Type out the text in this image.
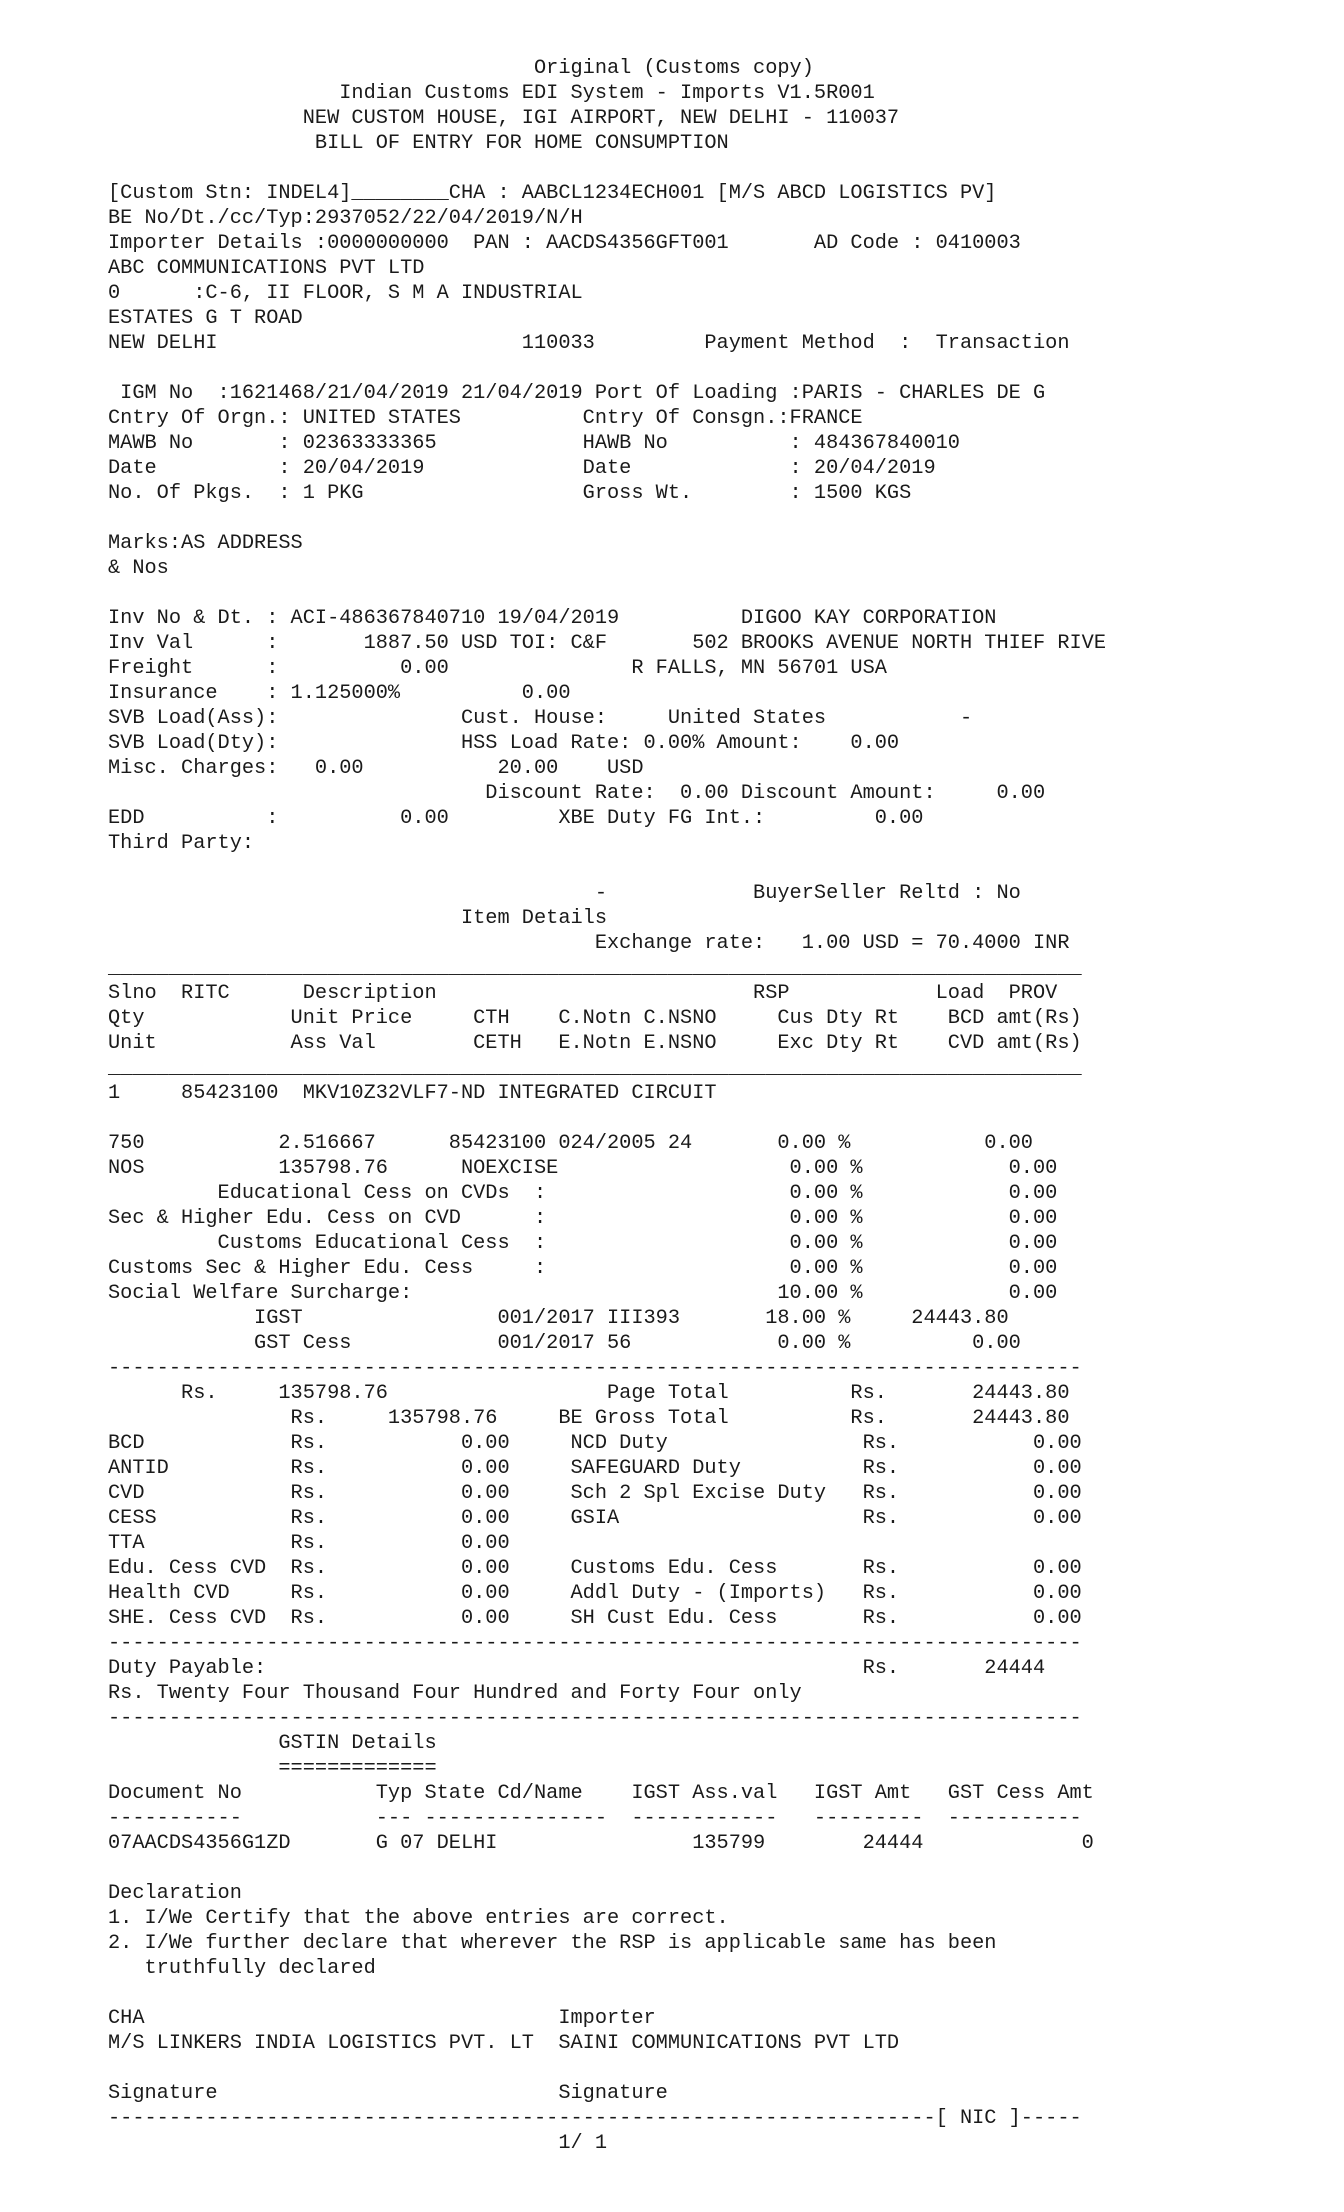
Original (Customs copy)
Indian Customs EDI System - Imports V1.5R001
NEW CUSTOM HOUSE, IGI AIRPORT, NEW DELHI - 110037
BILL OF ENTRY FOR HOME CONSUMPTION
[Custom Stn: INDEL4]________CHA : AABCL1234ECH001 [M/S ABCD LOGISTICS PV]
BE No/Dt./cc/Typ:2937052/22/04/2019/N/H
Importer Details :0000000000  PAN : AACDS4356GFT001       AD Code : 0410003
ABC COMMUNICATIONS PVT LTD
0      :C-6, II FLOOR, S M A INDUSTRIAL
ESTATES G T ROAD
NEW DELHI                         110033         Payment Method  :  Transaction
IGM No  :1621468/21/04/2019 21/04/2019 Port Of Loading :PARIS - CHARLES DE G
Cntry Of Orgn.: UNITED STATES          Cntry Of Consgn.:FRANCE
MAWB No       : 02363333365            HAWB No          : 484367840010
Date          : 20/04/2019             Date             : 20/04/2019
No. Of Pkgs.  : 1 PKG                  Gross Wt.        : 1500 KGS
Marks:AS ADDRESS
& Nos
Inv No & Dt. : ACI-486367840710 19/04/2019          DIGOO KAY CORPORATION
Inv Val      :       1887.50 USD TOI: C&F       502 BROOKS AVENUE NORTH THIEF RIVE
Freight      :          0.00               R FALLS, MN 56701 USA
Insurance    : 1.125000%          0.00
SVB Load(Ass):               Cust. House:     United States           -
SVB Load(Dty):               HSS Load Rate: 0.00% Amount:    0.00
Misc. Charges:   0.00           20.00    USD
Discount Rate:  0.00 Discount Amount:     0.00
EDD          :          0.00         XBE Duty FG Int.:         0.00
Third Party:
-            BuyerSeller Reltd : No
Item Details
Exchange rate:   1.00 USD = 70.4000 INR
________________________________________________________________________________
Slno  RITC      Description                          RSP            Load  PROV
Qty            Unit Price     CTH    C.Notn C.NSNO     Cus Dty Rt    BCD amt(Rs)
Unit           Ass Val        CETH   E.Notn E.NSNO     Exc Dty Rt    CVD amt(Rs)
________________________________________________________________________________
1     85423100  MKV10Z32VLF7-ND INTEGRATED CIRCUIT
750           2.516667      85423100 024/2005 24       0.00 %           0.00
NOS           135798.76      NOEXCISE                   0.00 %            0.00
Educational Cess on CVDs  :                    0.00 %            0.00
Sec & Higher Edu. Cess on CVD      :                    0.00 %            0.00
Customs Educational Cess  :                    0.00 %            0.00
Customs Sec & Higher Edu. Cess     :                    0.00 %            0.00
Social Welfare Surcharge:                              10.00 %            0.00
IGST                001/2017 III393       18.00 %     24443.80
GST Cess            001/2017 56            0.00 %          0.00
--------------------------------------------------------------------------------
Rs.     135798.76                  Page Total          Rs.       24443.80
Rs.     135798.76     BE Gross Total          Rs.       24443.80
BCD            Rs.           0.00     NCD Duty                Rs.           0.00
ANTID          Rs.           0.00     SAFEGUARD Duty          Rs.           0.00
CVD            Rs.           0.00     Sch 2 Spl Excise Duty   Rs.           0.00
CESS           Rs.           0.00     GSIA                    Rs.           0.00
TTA            Rs.           0.00
Edu. Cess CVD  Rs.           0.00     Customs Edu. Cess       Rs.           0.00
Health CVD     Rs.           0.00     Addl Duty - (Imports)   Rs.           0.00
SHE. Cess CVD  Rs.           0.00     SH Cust Edu. Cess       Rs.           0.00
--------------------------------------------------------------------------------
Duty Payable:                                                 Rs.       24444
Rs. Twenty Four Thousand Four Hundred and Forty Four only
--------------------------------------------------------------------------------
GSTIN Details
=============
Document No           Typ State Cd/Name    IGST Ass.val   IGST Amt   GST Cess Amt
-----------           --- ---------------  ------------   ---------  -----------
07AACDS4356G1ZD       G 07 DELHI                135799        24444             0
Declaration
1. I/We Certify that the above entries are correct.
2. I/We further declare that wherever the RSP is applicable same has been
truthfully declared
CHA                                  Importer
M/S LINKERS INDIA LOGISTICS PVT. LT  SAINI COMMUNICATIONS PVT LTD
Signature                            Signature
--------------------------------------------------------------------[ NIC ]-----
1/ 1
